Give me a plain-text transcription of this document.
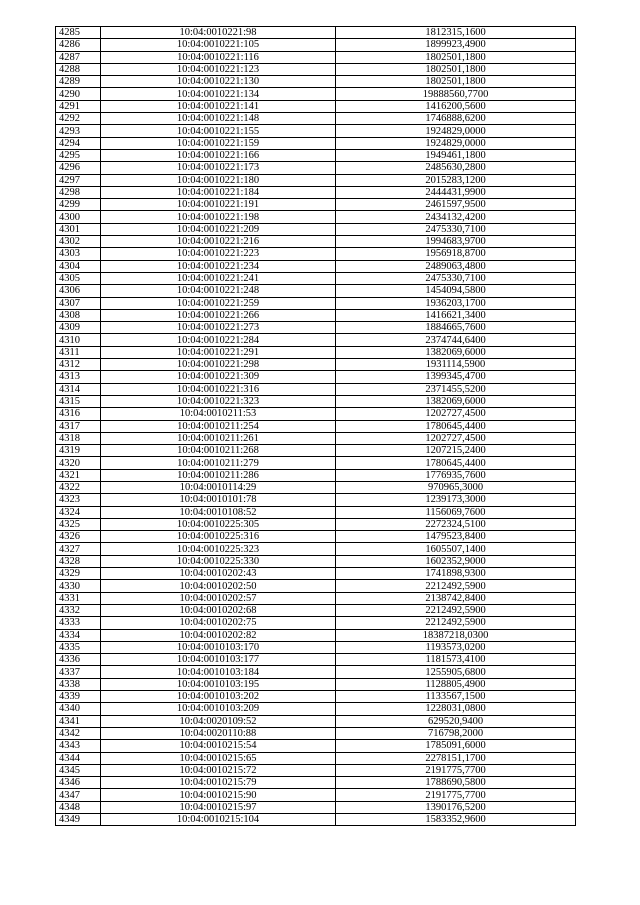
4285	10:04:0010221:98	1812315,1600
4286	10:04:0010221:105	1899923,4900
4287	10:04:0010221:116	1802501,1800
4288	10:04:0010221:123	1802501,1800
4289	10:04:0010221:130	1802501,1800
4290	10:04:0010221:134	19888560,7700
4291	10:04:0010221:141	1416200,5600
4292	10:04:0010221:148	1746888,6200
4293	10:04:0010221:155	1924829,0000
4294	10:04:0010221:159	1924829,0000
4295	10:04:0010221:166	1949461,1800
4296	10:04:0010221:173	2485630,2800
4297	10:04:0010221:180	2015283,1200
4298	10:04:0010221:184	2444431,9900
4299	10:04:0010221:191	2461597,9500
4300	10:04:0010221:198	2434132,4200
4301	10:04:0010221:209	2475330,7100
4302	10:04:0010221:216	1994683,9700
4303	10:04:0010221:223	1956918,8700
4304	10:04:0010221:234	2489063,4800
4305	10:04:0010221:241	2475330,7100
4306	10:04:0010221:248	1454094,5800
4307	10:04:0010221:259	1936203,1700
4308	10:04:0010221:266	1416621,3400
4309	10:04:0010221:273	1884665,7600
4310	10:04:0010221:284	2374744,6400
4311	10:04:0010221:291	1382069,6000
4312	10:04:0010221:298	1931114,5900
4313	10:04:0010221:309	1399345,4700
4314	10:04:0010221:316	2371455,5200
4315	10:04:0010221:323	1382069,6000
4316	10:04:0010211:53	1202727,4500
4317	10:04:0010211:254	1780645,4400
4318	10:04:0010211:261	1202727,4500
4319	10:04:0010211:268	1207215,2400
4320	10:04:0010211:279	1780645,4400
4321	10:04:0010211:286	1776935,7600
4322	10:04:0010114:29	970965,3000
4323	10:04:0010101:78	1239173,3000
4324	10:04:0010108:52	1156069,7600
4325	10:04:0010225:305	2272324,5100
4326	10:04:0010225:316	1479523,8400
4327	10:04:0010225:323	1605507,1400
4328	10:04:0010225:330	1602352,9000
4329	10:04:0010202:43	1741898,9300
4330	10:04:0010202:50	2212492,5900
4331	10:04:0010202:57	2138742,8400
4332	10:04:0010202:68	2212492,5900
4333	10:04:0010202:75	2212492,5900
4334	10:04:0010202:82	18387218,0300
4335	10:04:0010103:170	1193573,0200
4336	10:04:0010103:177	1181573,4100
4337	10:04:0010103:184	1255905,6800
4338	10:04:0010103:195	1128805,4900
4339	10:04:0010103:202	1133567,1500
4340	10:04:0010103:209	1228031,0800
4341	10:04:0020109:52	629520,9400
4342	10:04:0020110:88	716798,2000
4343	10:04:0010215:54	1785091,6000
4344	10:04:0010215:65	2278151,1700
4345	10:04:0010215:72	2191775,7700
4346	10:04:0010215:79	1788690,5800
4347	10:04:0010215:90	2191775,7700
4348	10:04:0010215:97	1390176,5200
4349	10:04:0010215:104	1583352,9600
